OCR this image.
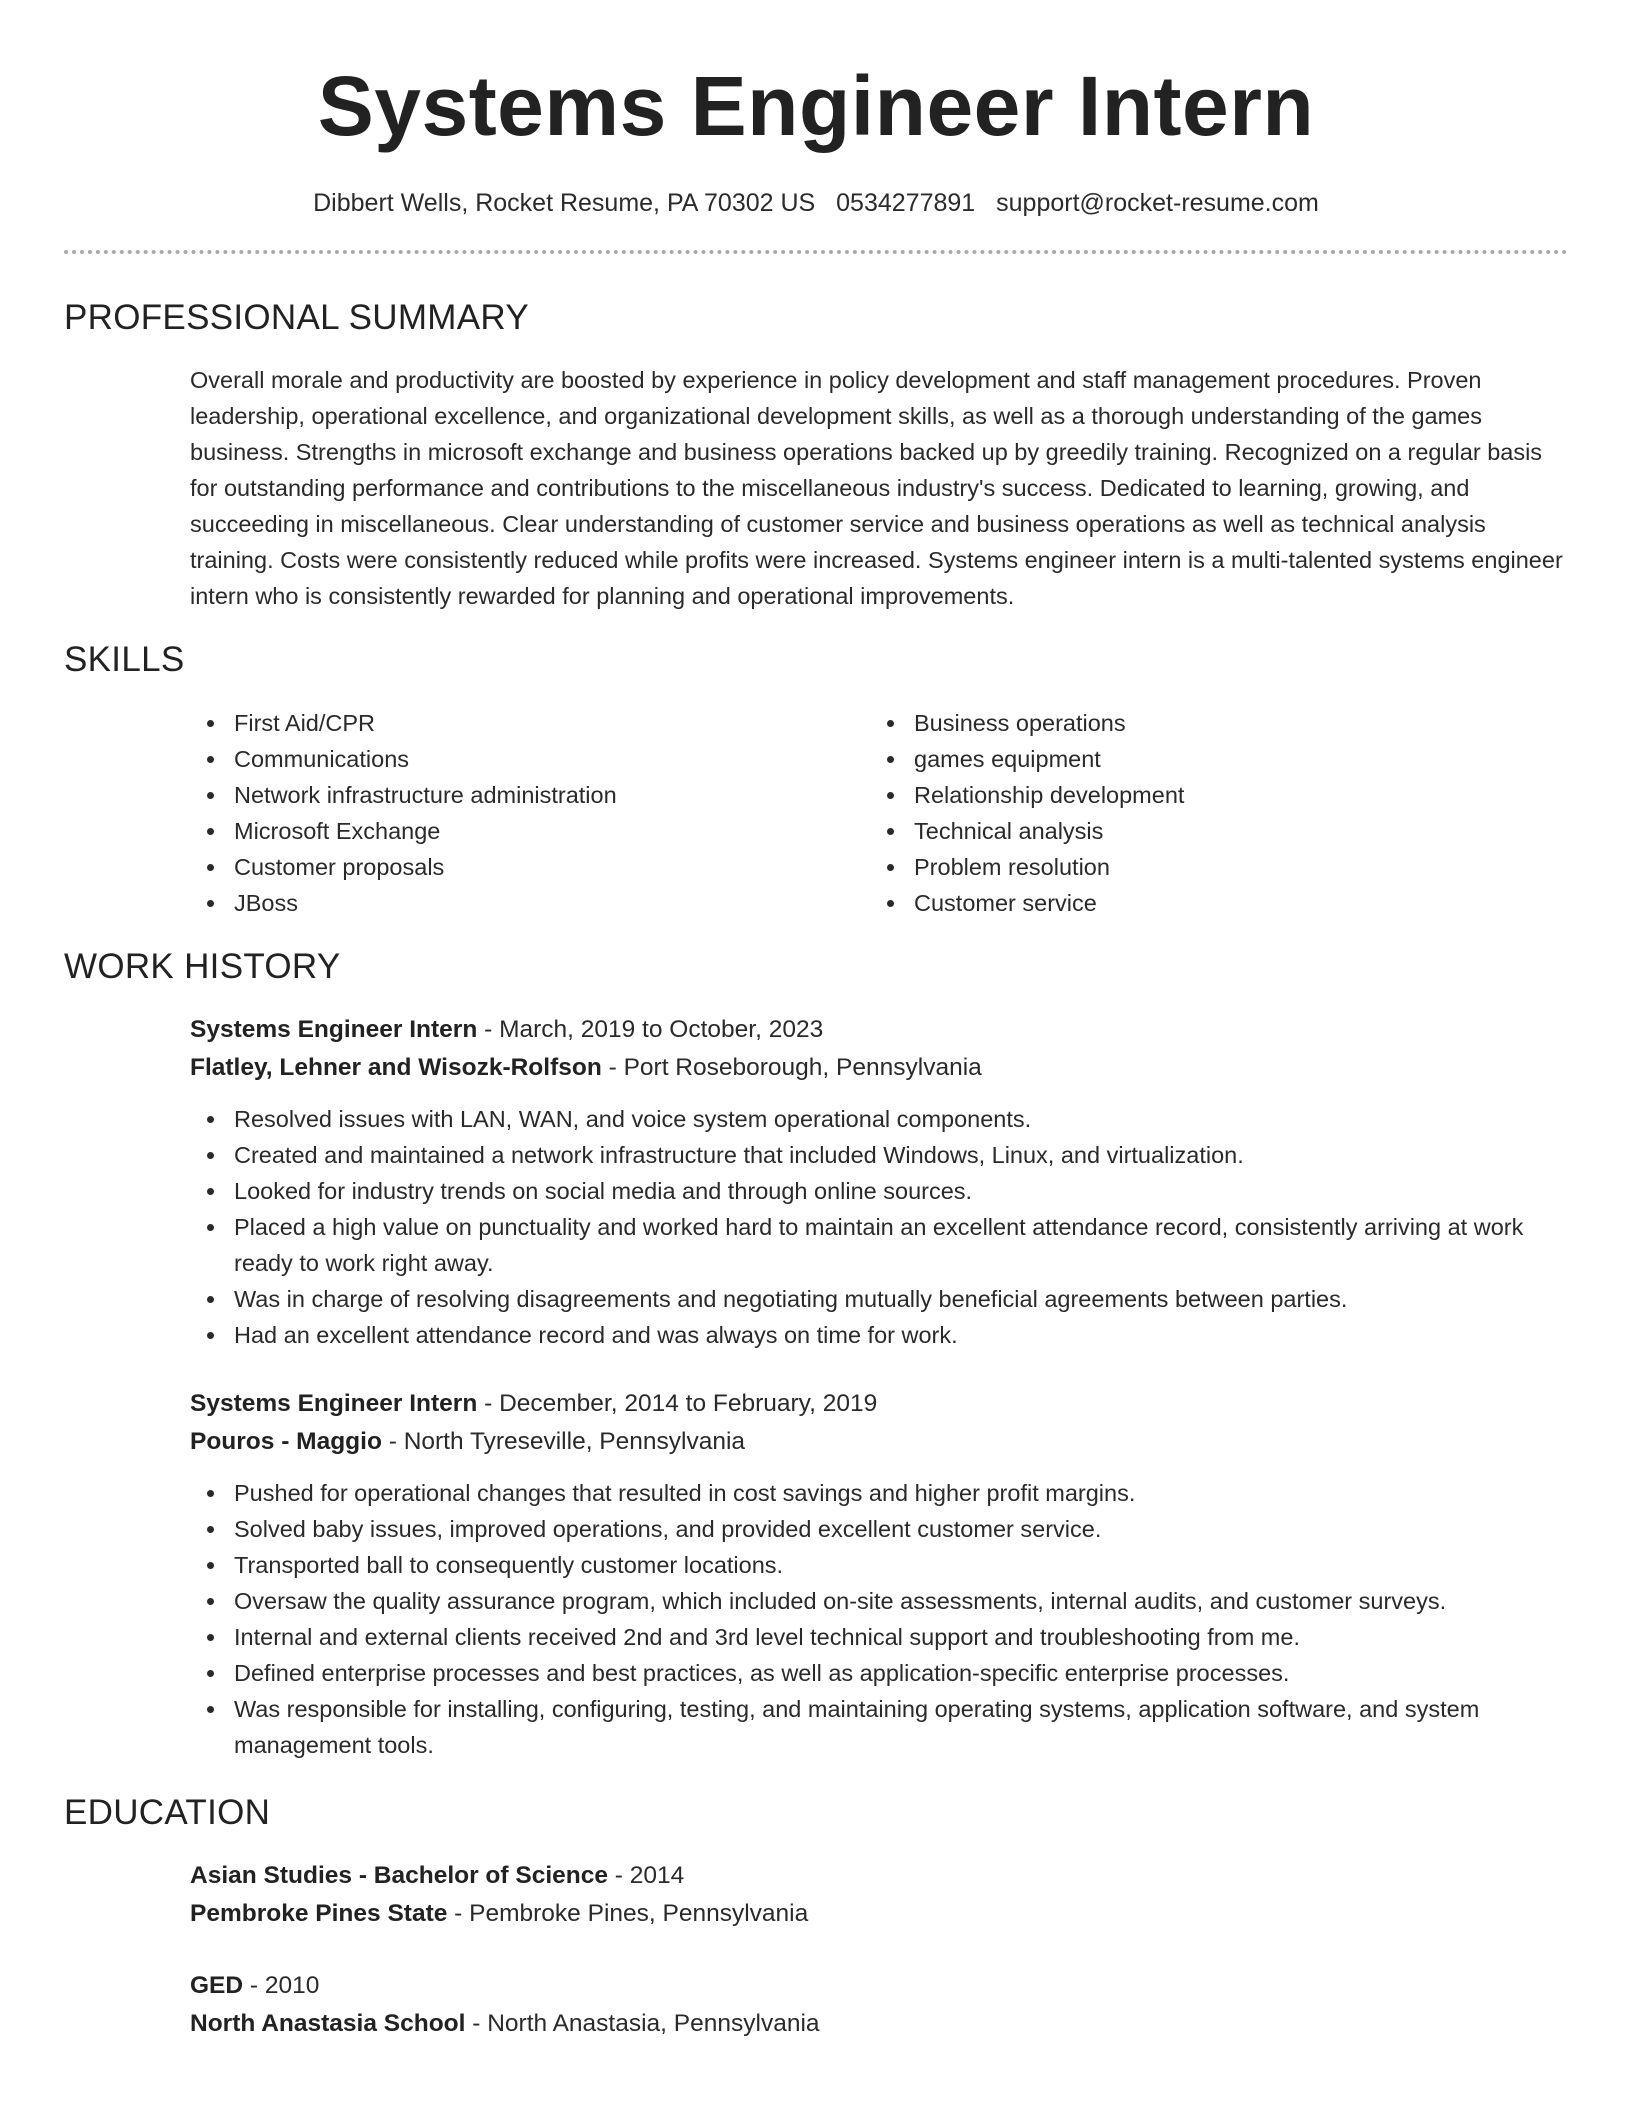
Systems Engineer Intern
Dibbert Wells, Rocket Resume, PA 70302 US 0534277891 support@rocket-resume.com
PROFESSIONAL SUMMARY

Overall morale and productivity are boosted by experience in policy development and staff management procedures. Proven leadership, operational excellence, and organizational development skills, as well as a thorough understanding of the games business. Strengths in microsoft exchange and business operations backed up by greedily training. Recognized on a regular basis for outstanding performance and contributions to the miscellaneous industry's success. Dedicated to learning, growing, and succeeding in miscellaneous. Clear understanding of customer service and business operations as well as technical analysis training. Costs were consistently reduced while profits were increased. Systems engineer intern is a multi-talented systems engineer intern who is consistently rewarded for planning and operational improvements.

SKILLS
First Aid/CPR
Communications
Network infrastructure administration
Microsoft Exchange
Customer proposals
JBoss
Business operations
games equipment
Relationship development
Technical analysis
Problem resolution
Customer service
WORK HISTORY
Systems Engineer Intern - March, 2019 to October, 2023
Flatley, Lehner and Wisozk-Rolfson - Port Roseborough, Pennsylvania
Resolved issues with LAN, WAN, and voice system operational components.
Created and maintained a network infrastructure that included Windows, Linux, and virtualization.
Looked for industry trends on social media and through online sources.
Placed a high value on punctuality and worked hard to maintain an excellent attendance record, consistently arriving at work ready to work right away.
Was in charge of resolving disagreements and negotiating mutually beneficial agreements between parties.
Had an excellent attendance record and was always on time for work.
Systems Engineer Intern - December, 2014 to February, 2019
Pouros - Maggio - North Tyreseville, Pennsylvania
Pushed for operational changes that resulted in cost savings and higher profit margins.
Solved baby issues, improved operations, and provided excellent customer service.
Transported ball to consequently customer locations.
Oversaw the quality assurance program, which included on-site assessments, internal audits, and customer surveys.
Internal and external clients received 2nd and 3rd level technical support and troubleshooting from me.
Defined enterprise processes and best practices, as well as application-specific enterprise processes.
Was responsible for installing, configuring, testing, and maintaining operating systems, application software, and system management tools.
EDUCATION
Asian Studies - Bachelor of Science - 2014
Pembroke Pines State - Pembroke Pines, Pennsylvania
GED - 2010
North Anastasia School - North Anastasia, Pennsylvania
